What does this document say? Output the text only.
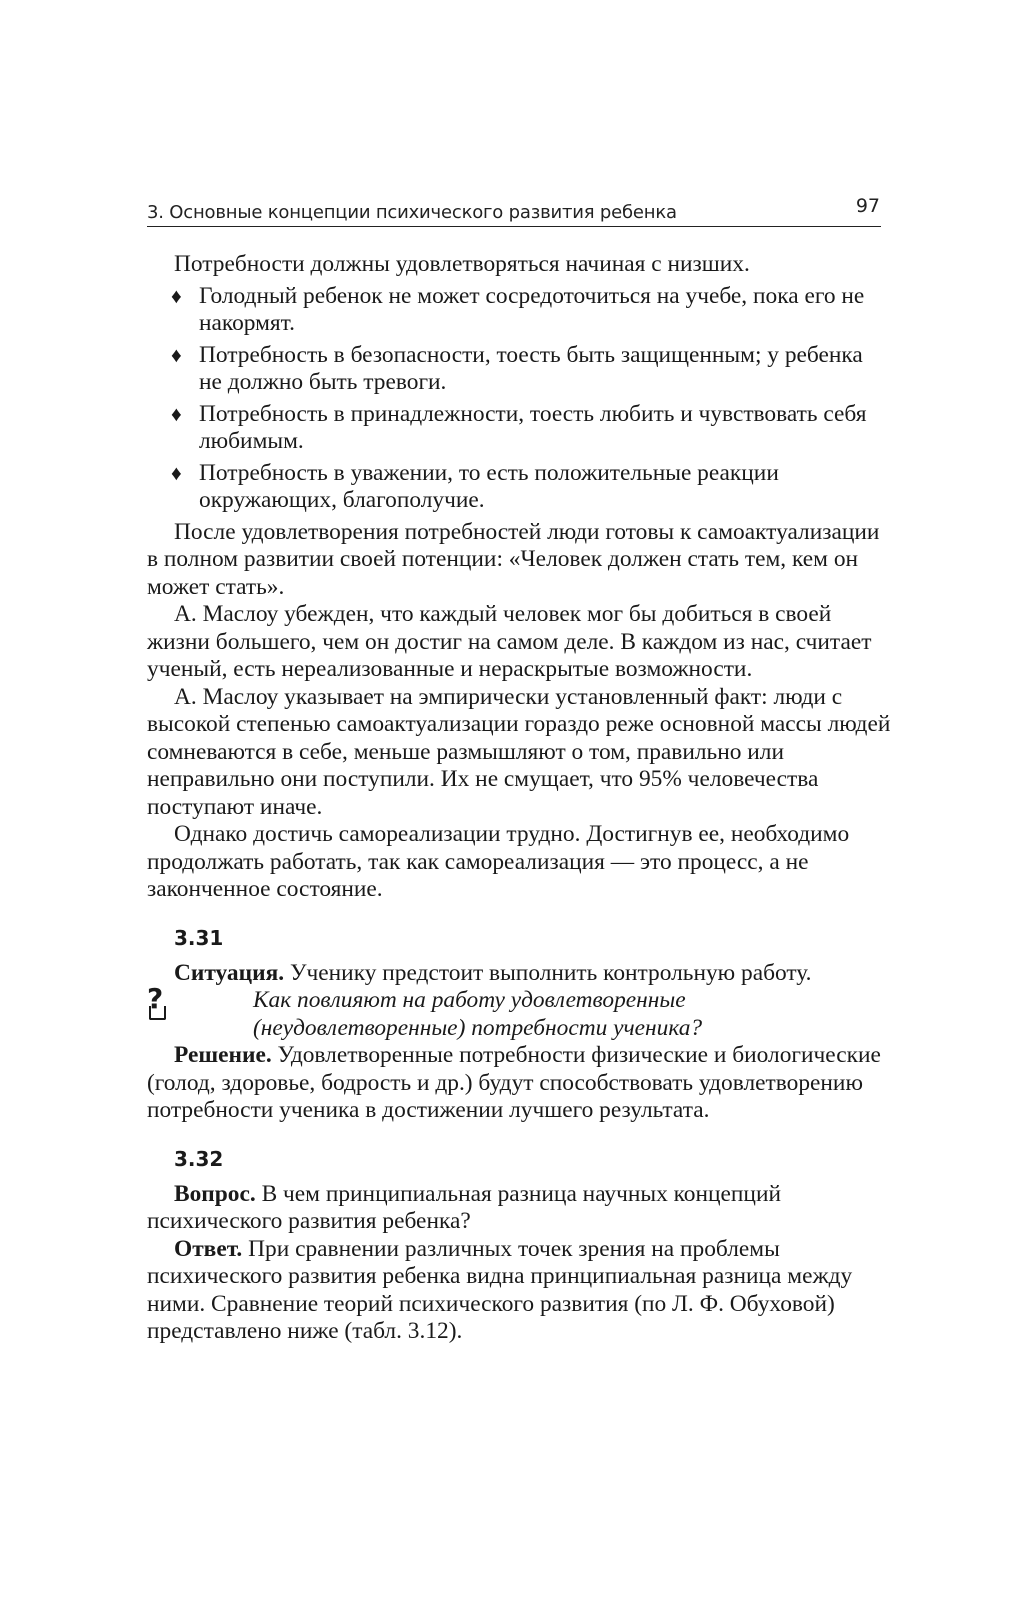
3. Основные концепции психического развития ребенка	97

Потребности должны удовлетворяться начиная с низших.

♦ Голодный ребенок не может сосредоточиться на учебе, пока его не накормят.
♦ Потребность в безопасности, тоесть быть защищенным; у ребенка не должно быть тревоги.
♦ Потребность в принадлежности, тоесть любить и чувствовать себя любимым.
♦ Потребность в уважении, то есть положительные реакции окружающих, благополучие.

После удовлетворения потребностей люди готовы к самоактуализации в полном развитии своей потенции: «Человек должен стать тем, кем он может стать».

А. Маслоу убежден, что каждый человек мог бы добиться в своей жизни большего, чем он достиг на самом деле. В каждом из нас, считает ученый, есть нереализованные и нераскрытые возможности.

А. Маслоу указывает на эмпирически установленный факт: люди с высокой степенью самоактуализации гораздо реже основной массы людей сомневаются в себе, меньше размышляют о том, правильно или неправильно они поступили. Их не смущает, что 95% человечества поступают иначе.

Однако достичь самореализации трудно. Достигнув ее, необходимо продолжать работать, так как самореализация — это процесс, а не законченное состояние.

3.31

Ситуация. Ученику предстоит выполнить контрольную работу.

?	Как повлияют на работу удовлетворенные (неудовлетворенные) потребности ученика?

Решение. Удовлетворенные потребности физические и биологические (голод, здоровье, бодрость и др.) будут способствовать удовлетворению потребности ученика в достижении лучшего результата.

3.32

Вопрос. В чем принципиальная разница научных концепций психического развития ребенка?

Ответ. При сравнении различных точек зрения на проблемы психического развития ребенка видна принципиальная разница между ними. Сравнение теорий психического развития (по Л. Ф. Обуховой) представлено ниже (табл. 3.12).
